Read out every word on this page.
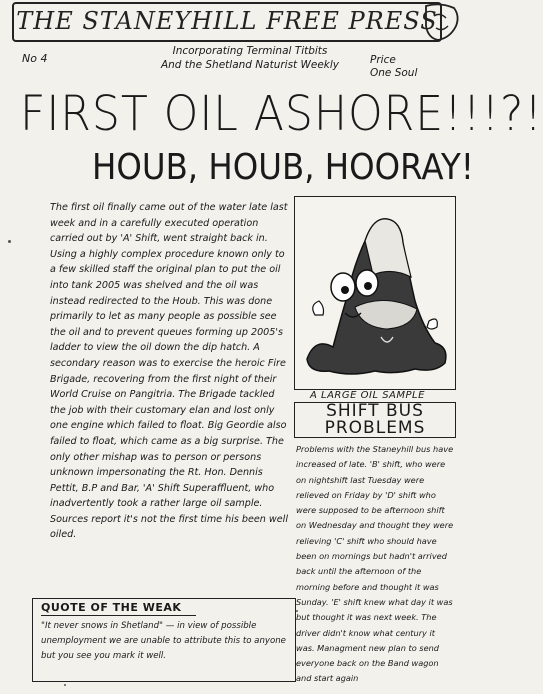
THE STANEYHILL FREE PRESS
No 4
Incorporating Terminal Titbits
And the Shetland Naturist Weekly	Price
One Soul
FIRST OIL ASHORE!!!?!
HOUB, HOUB, HOORAY!
The first oil finally came out of the water late last week and in a carefully executed operation carried out by 'A' Shift, went straight back in. Using a highly complex procedure known only to a few skilled staff the original plan to put the oil into tank 2005 was shelved and the oil was instead redirected to the Houb. This was done primarily to let as many people as possible see the oil and to prevent queues forming up 2005's ladder to view the oil down the dip hatch. A secondary reason was to exercise the heroic Fire Brigade, recovering from the first night of their World Cruise on Pangitria. The Brigade tackled the job with their customary elan and lost only one engine which failed to float. Big Geordie also failed to float, which came as a big surprise. The only other mishap was to person or persons unknown impersonating the Rt. Hon. Dennis Pettit, B.P and Bar, 'A' Shift Superaffluent, who inadvertently took a rather large oil sample. Sources report it's not the first time his been well oiled.
A LARGE OIL SAMPLE
SHIFT BUS
PROBLEMS
Problems with the Staneyhill bus have increased of late. 'B' shift, who were on nightshift last Tuesday were relieved on Friday by 'D' shift who were supposed to be afternoon shift on Wednesday and thought they were relieving 'C' shift who should have been on mornings but hadn't arrived back until the afternoon of the morning before and thought it was Sunday. 'E' shift knew what day it was but thought it was next week. The driver didn't know what century it was. Managment new plan to send everyone back on the Band wagon and start again
QUOTE OF THE WEAK
"It never snows in Shetland" — in view of possible unemployment we are unable to attribute this to anyone but you see you mark it well.
